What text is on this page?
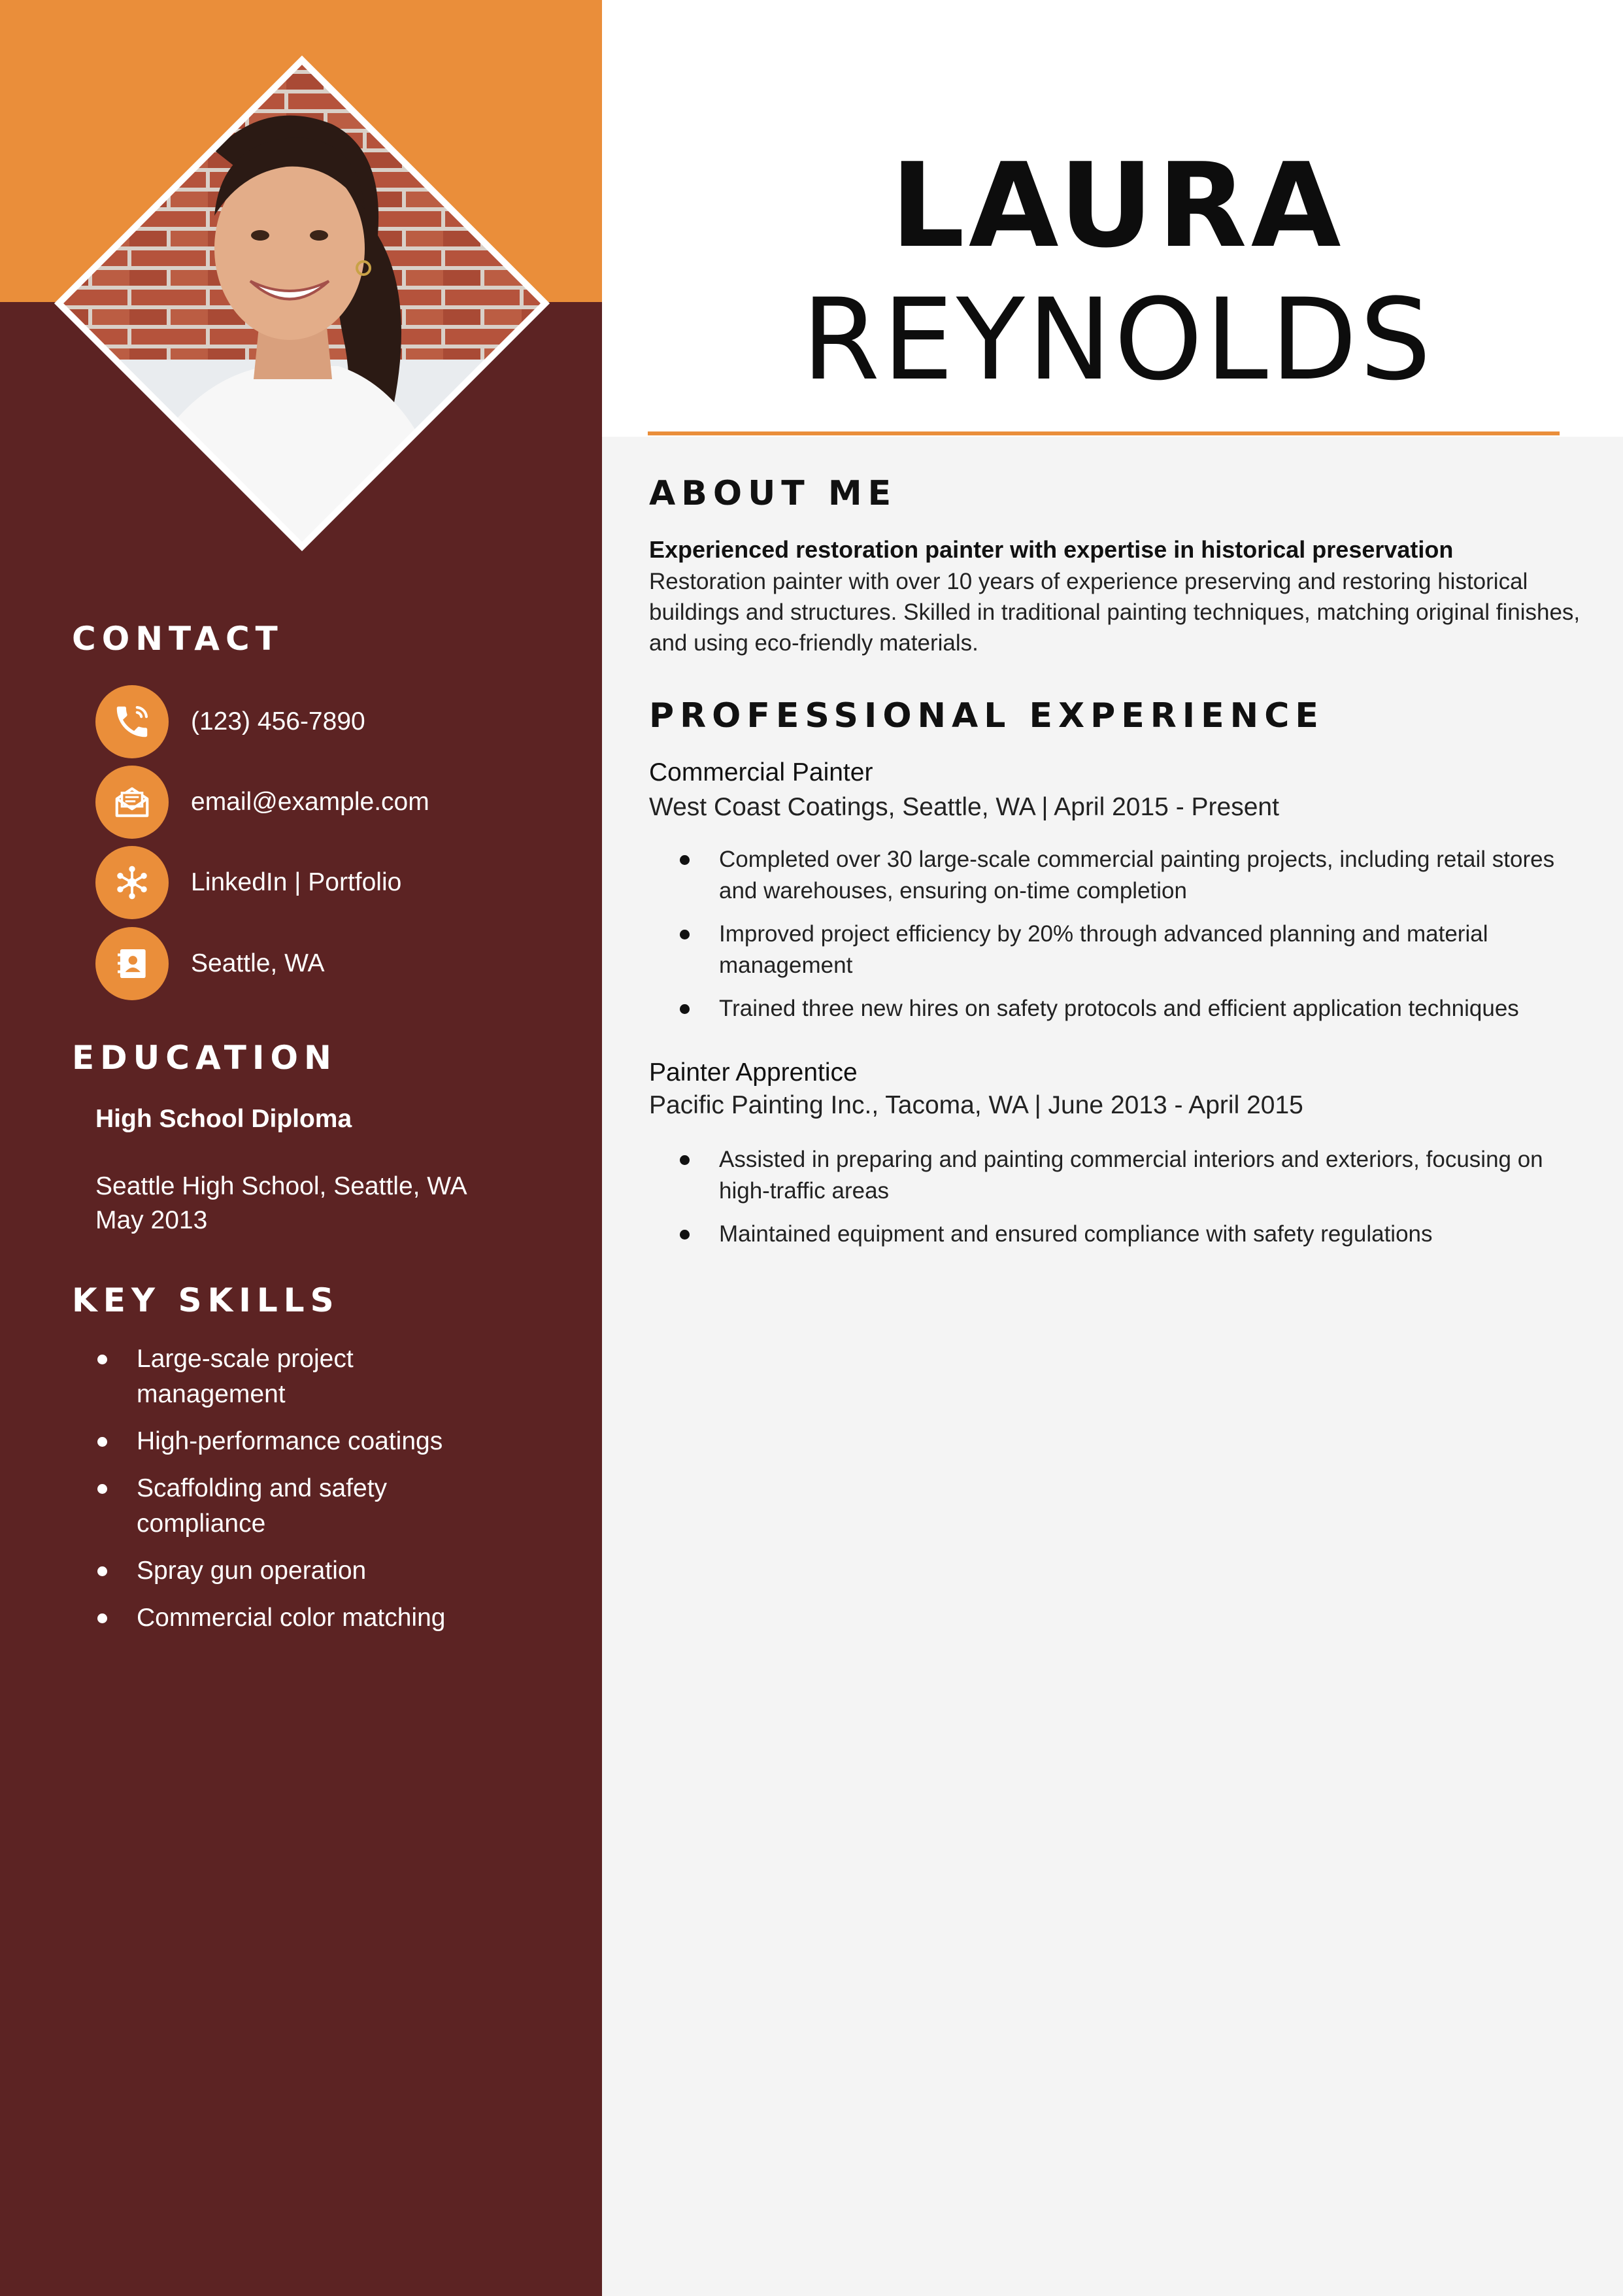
CONTACT
(123) 456-7890
email@example.com
LinkedIn | Portfolio
Seattle, WA
EDUCATION
High School Diploma
Seattle High School, Seattle, WA
May 2013
KEY SKILLS
Large-scale project management
High-performance coatings
Scaffolding and safety compliance
Spray gun operation
Commercial color matching
LAURA
REYNOLDS
ABOUT ME
Experienced restoration painter with expertise in historical preservation
Restoration painter with over 10 years of experience preserving and restoring historical buildings and structures. Skilled in traditional painting techniques, matching original finishes, and using eco-friendly materials.
PROFESSIONAL EXPERIENCE
Commercial Painter
West Coast Coatings, Seattle, WA | April 2015 - Present
Completed over 30 large-scale commercial painting projects, including retail stores and warehouses, ensuring on-time completion
Improved project efficiency by 20% through advanced planning and material management
Trained three new hires on safety protocols and efficient application techniques
Painter Apprentice
Pacific Painting Inc., Tacoma, WA | June 2013 - April 2015
Assisted in preparing and painting commercial interiors and exteriors, focusing on high-traffic areas
Maintained equipment and ensured compliance with safety regulations
